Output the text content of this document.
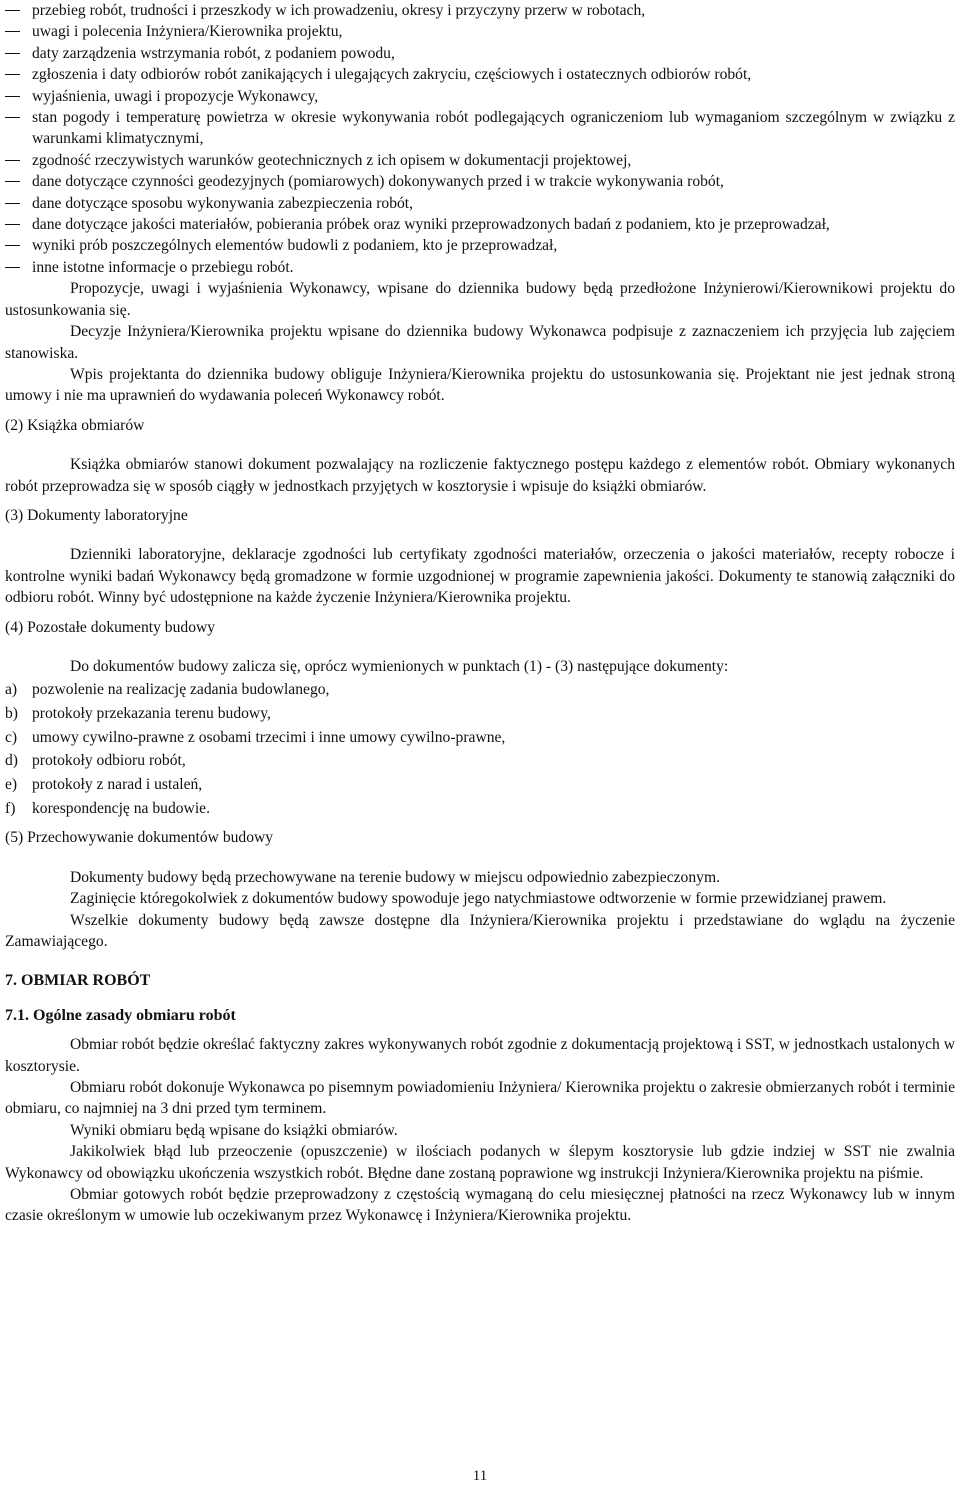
przebieg robót, trudności i przeszkody w ich prowadzeniu, okresy i przyczyny przerw w robotach,
uwagi i polecenia Inżyniera/Kierownika projektu,
daty zarządzenia wstrzymania robót, z podaniem powodu,
zgłoszenia i daty odbiorów robót zanikających i ulegających zakryciu, częściowych i ostatecznych odbiorów robót,
wyjaśnienia, uwagi i propozycje Wykonawcy,
stan pogody i temperaturę powietrza w okresie wykonywania robót podlegających ograniczeniom lub wymaganiom szczególnym w związku z warunkami klimatycznymi,
zgodność rzeczywistych warunków geotechnicznych z ich opisem w dokumentacji projektowej,
dane dotyczące czynności geodezyjnych (pomiarowych) dokonywanych przed i w trakcie wykonywania robót,
dane dotyczące sposobu wykonywania zabezpieczenia robót,
dane dotyczące jakości materiałów, pobierania próbek oraz wyniki przeprowadzonych badań z podaniem, kto je przeprowadzał,
wyniki prób poszczególnych elementów budowli z podaniem, kto je przeprowadzał,
inne istotne informacje o przebiegu robót.

Propozycje, uwagi i wyjaśnienia Wykonawcy, wpisane do dziennika budowy będą przedłożone Inżynierowi/Kierownikowi projektu do ustosunkowania się.

Decyzje Inżyniera/Kierownika projektu wpisane do dziennika budowy Wykonawca podpisuje z zaznaczeniem ich przyjęcia lub zajęciem stanowiska.

Wpis projektanta do dziennika budowy obliguje Inżyniera/Kierownika projektu do ustosunkowania się. Projektant nie jest jednak stroną umowy i nie ma uprawnień do wydawania poleceń Wykonawcy robót.

(2) Książka obmiarów

Książka obmiarów stanowi dokument pozwalający na rozliczenie faktycznego postępu każdego z elementów robót. Obmiary wykonanych robót przeprowadza się w sposób ciągły w jednostkach przyjętych w kosztorysie i wpisuje do książki obmiarów.

(3) Dokumenty laboratoryjne

Dzienniki laboratoryjne, deklaracje zgodności lub certyfikaty zgodności materiałów, orzeczenia o jakości materiałów, recepty robocze i kontrolne wyniki badań Wykonawcy będą gromadzone w formie uzgodnionej w programie zapewnienia jakości. Dokumenty te stanowią załączniki do odbioru robót. Winny być udostępnione na każde życzenie Inżyniera/Kierownika projektu.

(4) Pozostałe dokumenty budowy

Do dokumentów budowy zalicza się, oprócz wymienionych w punktach (1) - (3) następujące dokumenty:

a) pozwolenie na realizację zadania budowlanego,
b) protokoły przekazania terenu budowy,
c) umowy cywilno-prawne z osobami trzecimi i inne umowy cywilno-prawne,
d) protokoły odbioru robót,
e) protokoły z narad i ustaleń,
f) korespondencję na budowie.

(5) Przechowywanie dokumentów budowy

Dokumenty budowy będą przechowywane na terenie budowy w miejscu odpowiednio zabezpieczonym.

Zaginięcie któregokolwiek z dokumentów budowy spowoduje jego natychmiastowe odtworzenie w formie przewidzianej prawem.

Wszelkie dokumenty budowy będą zawsze dostępne dla Inżyniera/Kierownika projektu i przedstawiane do wglądu na życzenie Zamawiającego.

7. OBMIAR ROBÓT

7.1. Ogólne zasady obmiaru robót

Obmiar robót będzie określać faktyczny zakres wykonywanych robót zgodnie z dokumentacją projektową i SST, w jednostkach ustalonych w kosztorysie.

Obmiaru robót dokonuje Wykonawca po pisemnym powiadomieniu Inżyniera/ Kierownika projektu o zakresie obmierzanych robót i terminie obmiaru, co najmniej na 3 dni przed tym terminem.

Wyniki obmiaru będą wpisane do książki obmiarów.

Jakikolwiek błąd lub przeoczenie (opuszczenie) w ilościach podanych w ślepym kosztorysie lub gdzie indziej w SST nie zwalnia Wykonawcy od obowiązku ukończenia wszystkich robót. Błędne dane zostaną poprawione wg instrukcji Inżyniera/Kierownika projektu na piśmie.

Obmiar gotowych robót będzie przeprowadzony z częstością wymaganą do celu miesięcznej płatności na rzecz Wykonawcy lub w innym czasie określonym w umowie lub oczekiwanym przez Wykonawcę i Inżyniera/Kierownika projektu.

11
